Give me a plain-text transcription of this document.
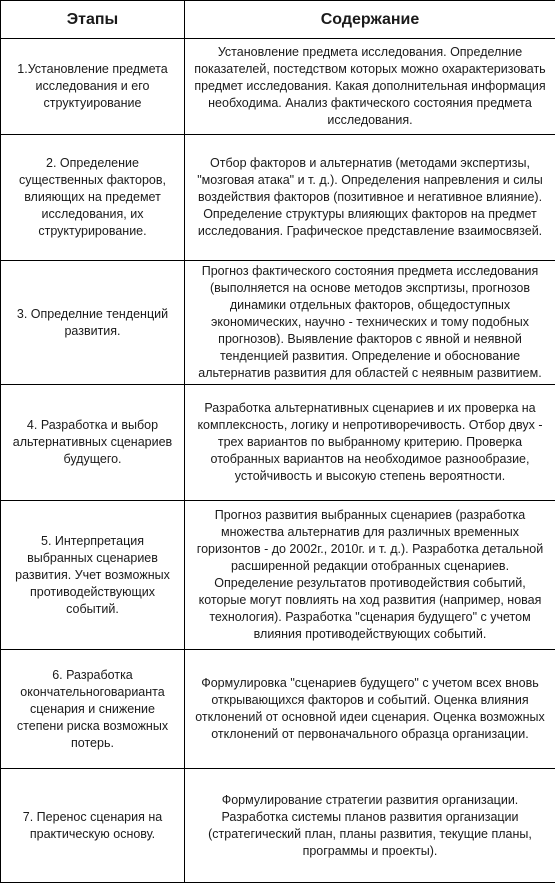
Этапы	Содержание
1.Установление предмета исследования и его структуирование	Установление предмета исследования. Определние показателей, постедством которых можно охарактеризовать предмет исследования. Какая дополнительная информация необходима. Анализ фактического состояния предмета исследования.
2. Определение существенных факторов, влияющих на предемет исследования, их структурирование.	Отбор факторов и альтернатив (методами экспертизы, "мозговая атака" и т. д.). Определения напревления и силы воздействия факторов (позитивное и негативное влияние). Определение структуры влияющих факторов на предмет исследования. Графическое представление взаимосвязей.
3. Определние тенденций развития.	Прогноз фактического состояния предмета исследования (выполняется на основе методов экспртизы, прогнозов динамики отдельных факторов, общедоступных экономических, научно - технических и тому подобных прогнозов). Выявление факторов с явной и неявной тенденцией развития. Определение и обоснование альтернатив развития для областей с неявным развитием.
4. Разработка и выбор альтернативных сценариев будущего.	Разработка альтернативных сценариев и их проверка на комплексность, логику и непротиворечивость. Отбор двух - трех вариантов по выбранному критерию. Проверка отобранных вариантов на необходимое разнообразие, устойчивость и высокую степень вероятности.
5. Интерпретация выбранных сценариев развития. Учет возможных противодействующих событий.	Прогноз развития выбранных сценариев (разработка множества альтернатив для различных временных горизонтов - до 2002г., 2010г. и т. д.). Разработка детальной расширенной редакции отобранных сценариев. Определение результатов противодействия событий, которые могут повлиять на ход развития (например, новая технология). Разработка "сценария будущего" с учетом влияния противодействующих событий.
6. Разработка окончательноговарианта сценария и снижение степени риска возможных потерь.	Формулировка "сценариев будущего" с учетом всех вновь открывающихся факторов и событий. Оценка влияния отклонений от основной идеи сценария. Оценка возможных отклонений от первоначального образца организации.
7. Перенос сценария на практическую основу.	Формулирование стратегии развития организации. Разработка системы планов развития организации (стратегический план, планы развития, текущие планы, программы и проекты).
